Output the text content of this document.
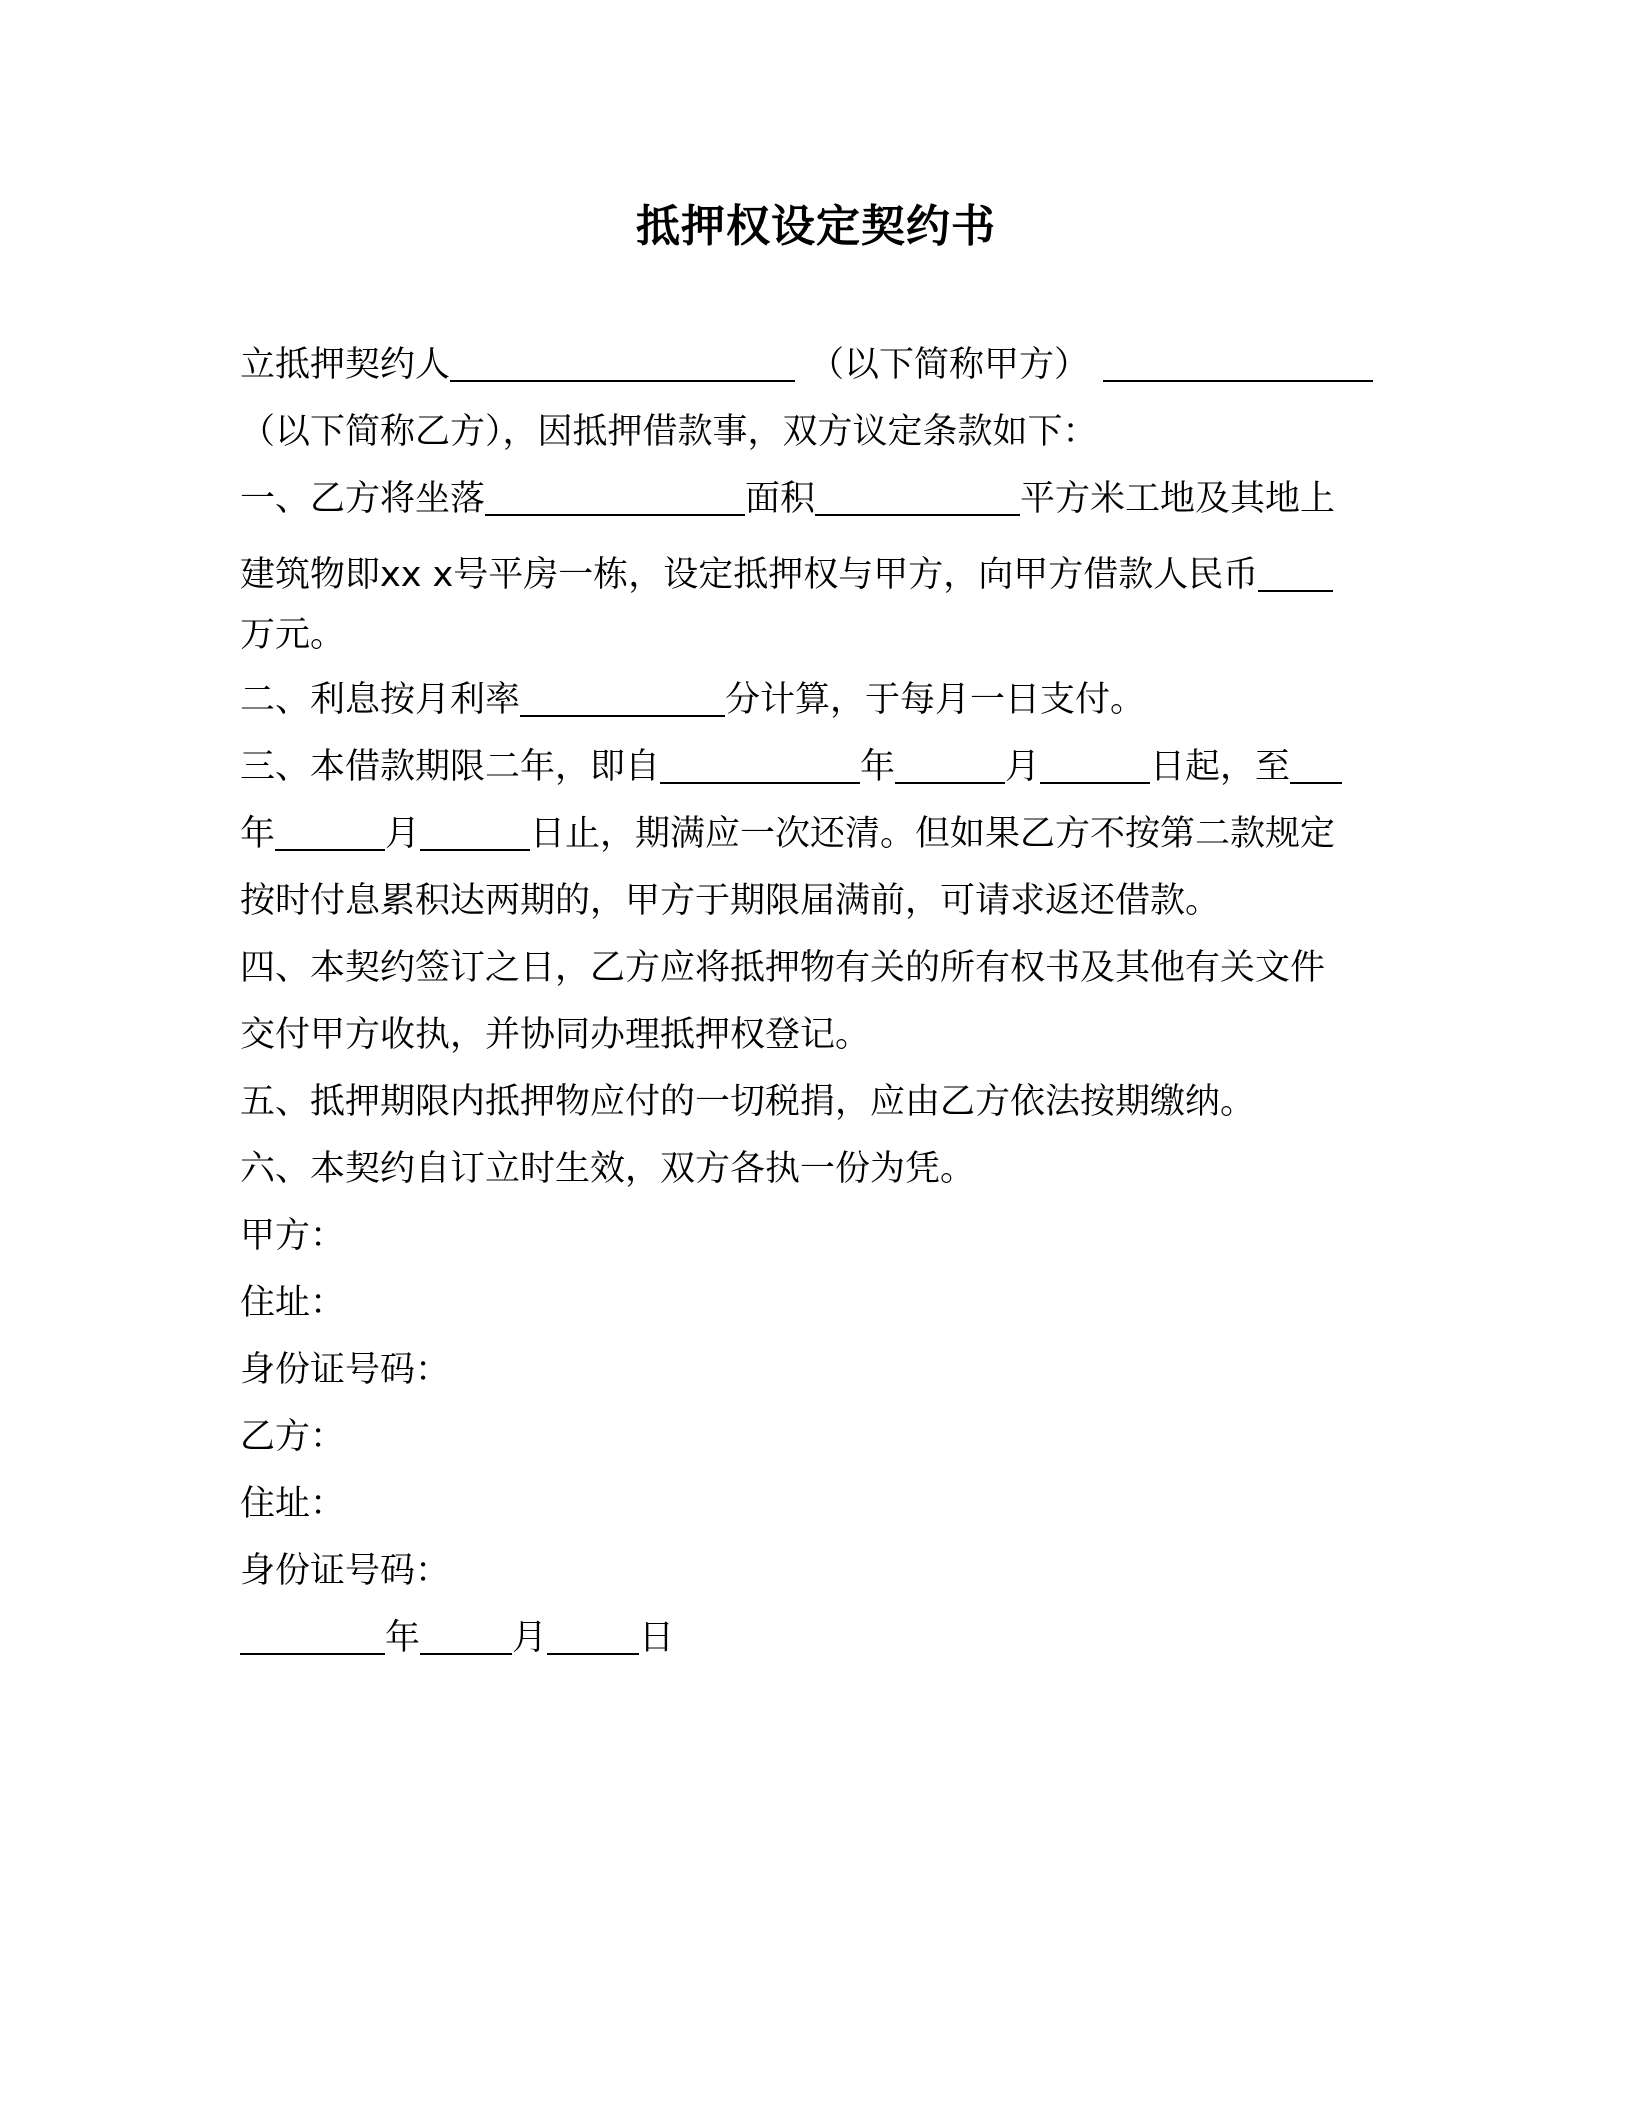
抵押权设定契约书
立抵押契约人	（以下简称甲方）
（以下简称乙方），因抵押借款事，双方议定条款如下：
一、乙方将坐落	面积	平方米工地及其地上
建筑物即xx x号平房一栋，设定抵押权与甲方，向甲方借款人民币
万元。
二、利息按月利率	分计算，于每月一日支付。
三、本借款期限二年，即自	年	月	日起，至
年	月	日止，期满应一次还清。但如果乙方不按第二款规定
按时付息累积达两期的，甲方于期限届满前，可请求返还借款。
四、本契约签订之日，乙方应将抵押物有关的所有权书及其他有关文件
交付甲方收执，并协同办理抵押权登记。
五、抵押期限内抵押物应付的一切税捐，应由乙方依法按期缴纳。
六、本契约自订立时生效，双方各执一份为凭。
甲方：
住址：
身份证号码：
乙方：
住址：
身份证号码：
年	月	日
